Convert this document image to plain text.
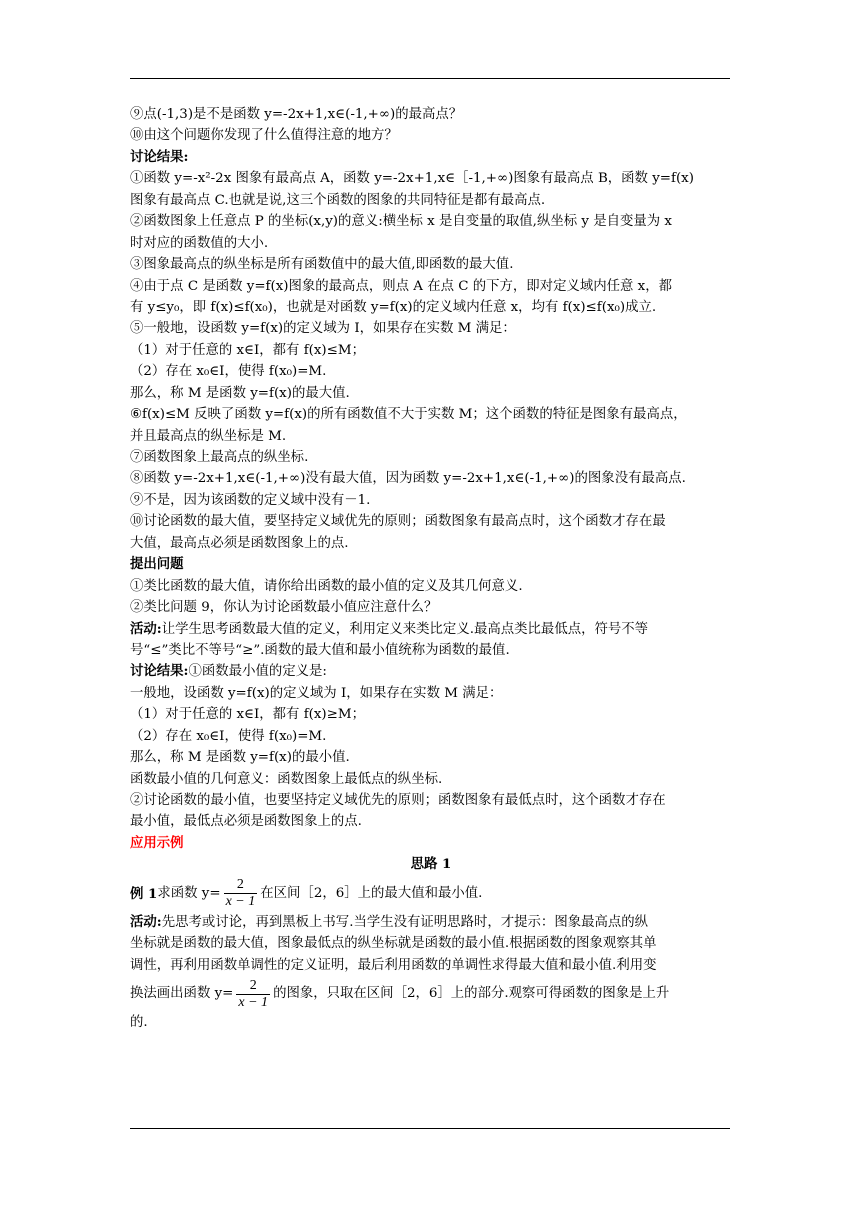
⑨点(-1,3)是不是函数 y=-2x+1,x∈(-1,+∞)的最高点？
⑩由这个问题你发现了什么值得注意的地方？
讨论结果:
①函数 y=-x²-2x 图象有最高点 A，函数 y=-2x+1,x∈［-1,+∞)图象有最高点 B，函数 y=f(x)
图象有最高点 C.也就是说,这三个函数的图象的共同特征是都有最高点.
②函数图象上任意点 P 的坐标(x,y)的意义:横坐标 x 是自变量的取值,纵坐标 y 是自变量为 x
时对应的函数值的大小.
③图象最高点的纵坐标是所有函数值中的最大值,即函数的最大值.
④由于点 C 是函数 y=f(x)图象的最高点，则点 A 在点 C 的下方，即对定义域内任意 x，都
有 y≤y₀，即 f(x)≤f(x₀)，也就是对函数 y=f(x)的定义域内任意 x，均有 f(x)≤f(x₀)成立.
⑤一般地，设函数 y=f(x)的定义域为 I，如果存在实数 M 满足：
（1）对于任意的 x∈I，都有 f(x)≤M；
（2）存在 x₀∈I，使得 f(x₀)=M.
那么，称 M 是函数 y=f(x)的最大值.
⑥f(x)≤M 反映了函数 y=f(x)的所有函数值不大于实数 M；这个函数的特征是图象有最高点，
并且最高点的纵坐标是 M.
⑦函数图象上最高点的纵坐标.
⑧函数 y=-2x+1,x∈(-1,+∞)没有最大值，因为函数 y=-2x+1,x∈(-1,+∞)的图象没有最高点.
⑨不是，因为该函数的定义域中没有－1.
⑩讨论函数的最大值，要坚持定义域优先的原则；函数图象有最高点时，这个函数才存在最
大值，最高点必须是函数图象上的点.
提出问题
①类比函数的最大值，请你给出函数的最小值的定义及其几何意义.
②类比问题 9，你认为讨论函数最小值应注意什么？
活动:让学生思考函数最大值的定义，利用定义来类比定义.最高点类比最低点，符号不等
号“≤”类比不等号“≥”.函数的最大值和最小值统称为函数的最值.
讨论结果:①函数最小值的定义是:
一般地，设函数 y=f(x)的定义域为 I，如果存在实数 M 满足：
（1）对于任意的 x∈I，都有 f(x)≥M；
（2）存在 x₀∈I，使得 f(x₀)=M.
那么，称 M 是函数 y=f(x)的最小值.
函数最小值的几何意义：函数图象上最低点的纵坐标.
②讨论函数的最小值，也要坚持定义域优先的原则；函数图象有最低点时，这个函数才存在
最小值，最低点必须是函数图象上的点.
应用示例
思路 1
例 1 求函数 $y= \frac{2}{x - 1}$ 在区间［2，6］上的最大值和最小值.
活动:先思考或讨论，再到黑板上书写.当学生没有证明思路时，才提示：图象最高点的纵
坐标就是函数的最大值，图象最低点的纵坐标就是函数的最小值.根据函数的图象观察其单
调性，再利用函数单调性的定义证明，最后利用函数的单调性求得最大值和最小值.利用变
换法画出函数 $y= \frac{2}{x - 1}$ 的图象，只取在区间［2，6］上的部分.观察可得函数的图象是上升
的.
